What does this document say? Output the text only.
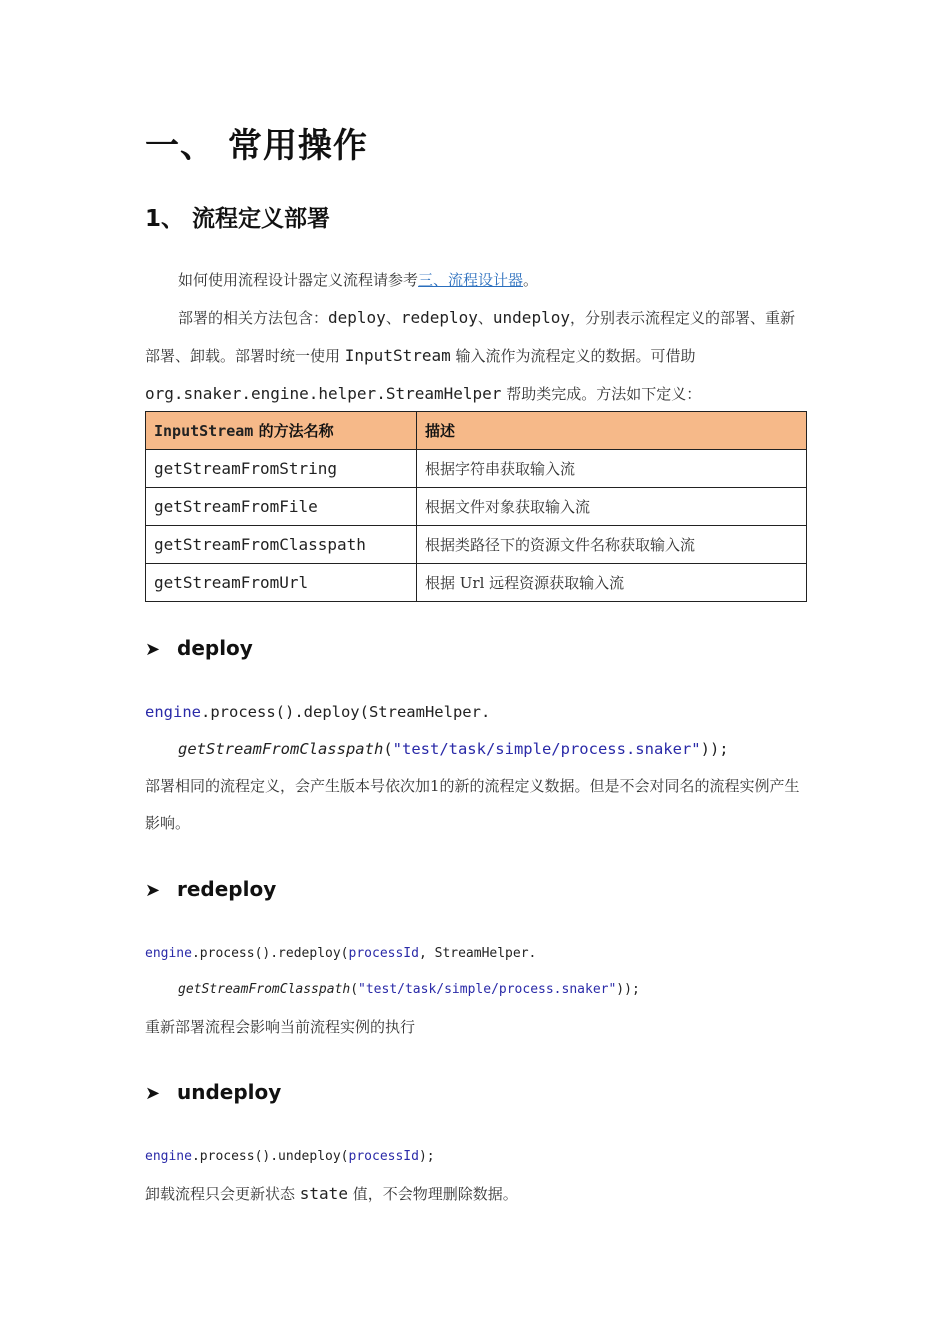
一、 常用操作
1、 流程定义部署

如何使用流程设计器定义流程请参考三、流程设计器。

部署的相关方法包含：deploy、redeploy、undeploy，分别表示流程定义的部署、重新部署、卸载。部署时统一使用 InputStream 输入流作为流程定义的数据。可借助org.snaker.engine.helper.StreamHelper 帮助类完成。方法如下定义：

InputStream 的方法名称	描述
getStreamFromString	根据字符串获取输入流
getStreamFromFile	根据文件对象获取输入流
getStreamFromClasspath	根据类路径下的资源文件名称获取输入流
getStreamFromUrl	根据 Url 远程资源获取输入流
➤ deploy
engine.process().deploy(StreamHelper.
getStreamFromClasspath("test/task/simple/process.snaker"));

部署相同的流程定义，会产生版本号依次加1的新的流程定义数据。但是不会对同名的流程实例产生影响。

➤ redeploy
engine.process().redeploy(processId, StreamHelper.
getStreamFromClasspath("test/task/simple/process.snaker"));

重新部署流程会影响当前流程实例的执行

➤ undeploy
engine.process().undeploy(processId);

卸载流程只会更新状态 state 值，不会物理删除数据。
